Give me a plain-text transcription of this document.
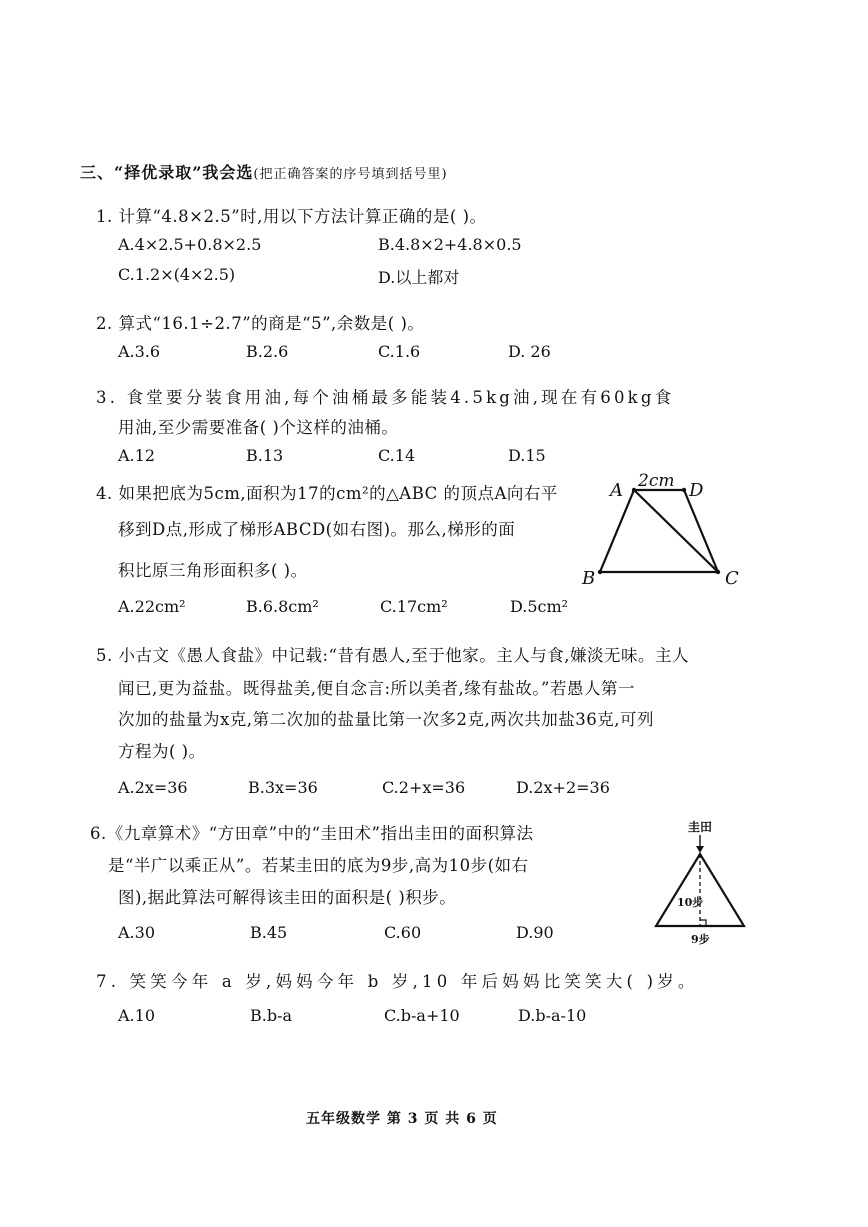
三、“择优录取”我会选(把正确答案的序号填到括号里)
1. 计算“4.8×2.5”时,用以下方法计算正确的是( )。
A.4×2.5+0.8×2.5	B.4.8×2+4.8×0.5
C.1.2×(4×2.5)	D.以上都对
2. 算式“16.1÷2.7”的商是“5”,余数是( )。
A.3.6	B.2.6	C.1.6	D. 26
3. 食堂要分装食用油,每个油桶最多能装4.5kg油,现在有60kg食
用油,至少需要准备( )个这样的油桶。
A.12	B.13	C.14	D.15
4. 如果把底为5cm,面积为17的cm²的△ABC 的顶点A向右平
移到D点,形成了梯形ABCD(如右图)。那么,梯形的面
积比原三角形面积多( )。
A.22cm²	B.6.8cm²	C.17cm²	D.5cm²
A	D
B	C
2cm
5. 小古文《愚人食盐》中记载:“昔有愚人,至于他家。主人与食,嫌淡无味。主人
闻已,更为益盐。既得盐美,便自念言:所以美者,缘有盐故。”若愚人第一
次加的盐量为x克,第二次加的盐量比第一次多2克,两次共加盐36克,可列
方程为( )。
A.2x=36	B.3x=36	C.2+x=36	D.2x+2=36
6.《九章算术》“方田章”中的“圭田术”指出圭田的面积算法
是“半广以乘正从”。若某圭田的底为9步,高为10步(如右
图),据此算法可解得该圭田的面积是( )积步。
A.30	B.45	C.60	D.90
圭田
10步
9步
7. 笑笑今年 a 岁,妈妈今年 b 岁,10 年后妈妈比笑笑大( )岁。
A.10	B.b-a	C.b-a+10	D.b-a-10
五年级数学 第 3 页 共 6 页
